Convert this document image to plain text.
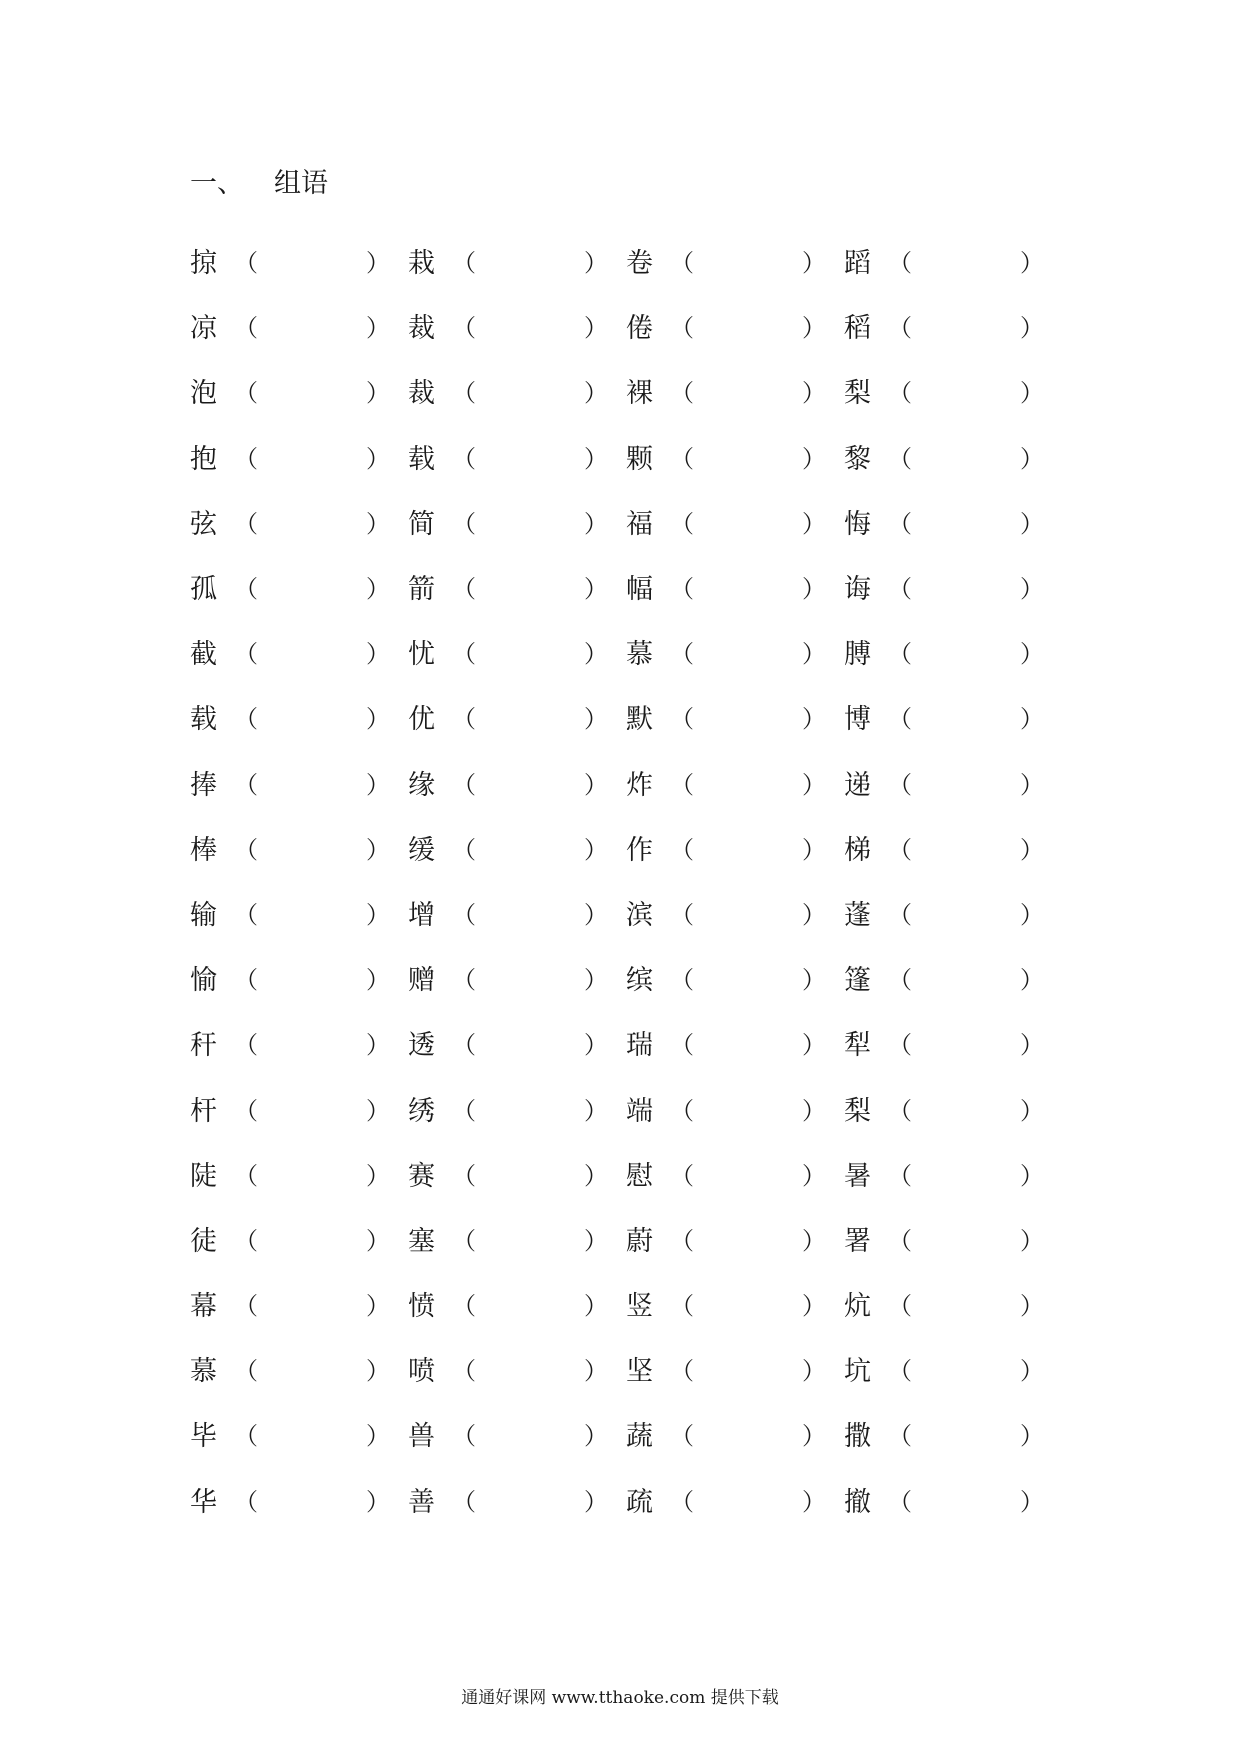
一、 组语
掠 （	） 栽 （	） 卷 （	） 蹈 （	）
凉 （	） 裁 （	） 倦 （	） 稻 （	）
泡 （	） 裁 （	） 裸 （	） 梨 （	）
抱 （	） 载 （	） 颗 （	） 黎 （	）
弦 （	） 简 （	） 福 （	） 悔 （	）
孤 （	） 箭 （	） 幅 （	） 诲 （	）
截 （	） 忧 （	） 慕 （	） 膊 （	）
载 （	） 优 （	） 默 （	） 博 （	）
捧 （	） 缘 （	） 炸 （	） 递 （	）
棒 （	） 缓 （	） 作 （	） 梯 （	）
输 （	） 增 （	） 滨 （	） 蓬 （	）
愉 （	） 赠 （	） 缤 （	） 篷 （	）
秆 （	） 透 （	） 瑞 （	） 犁 （	）
杆 （	） 绣 （	） 端 （	） 梨 （	）
陡 （	） 赛 （	） 慰 （	） 暑 （	）
徒 （	） 塞 （	） 蔚 （	） 署 （	）
幕 （	） 愤 （	） 竖 （	） 炕 （	）
慕 （	） 喷 （	） 坚 （	） 坑 （	）
毕 （	） 兽 （	） 蔬 （	） 撒 （	）
华 （	） 善 （	） 疏 （	） 撤 （	）
通通好课网 www.tthaoke.com 提供下载
